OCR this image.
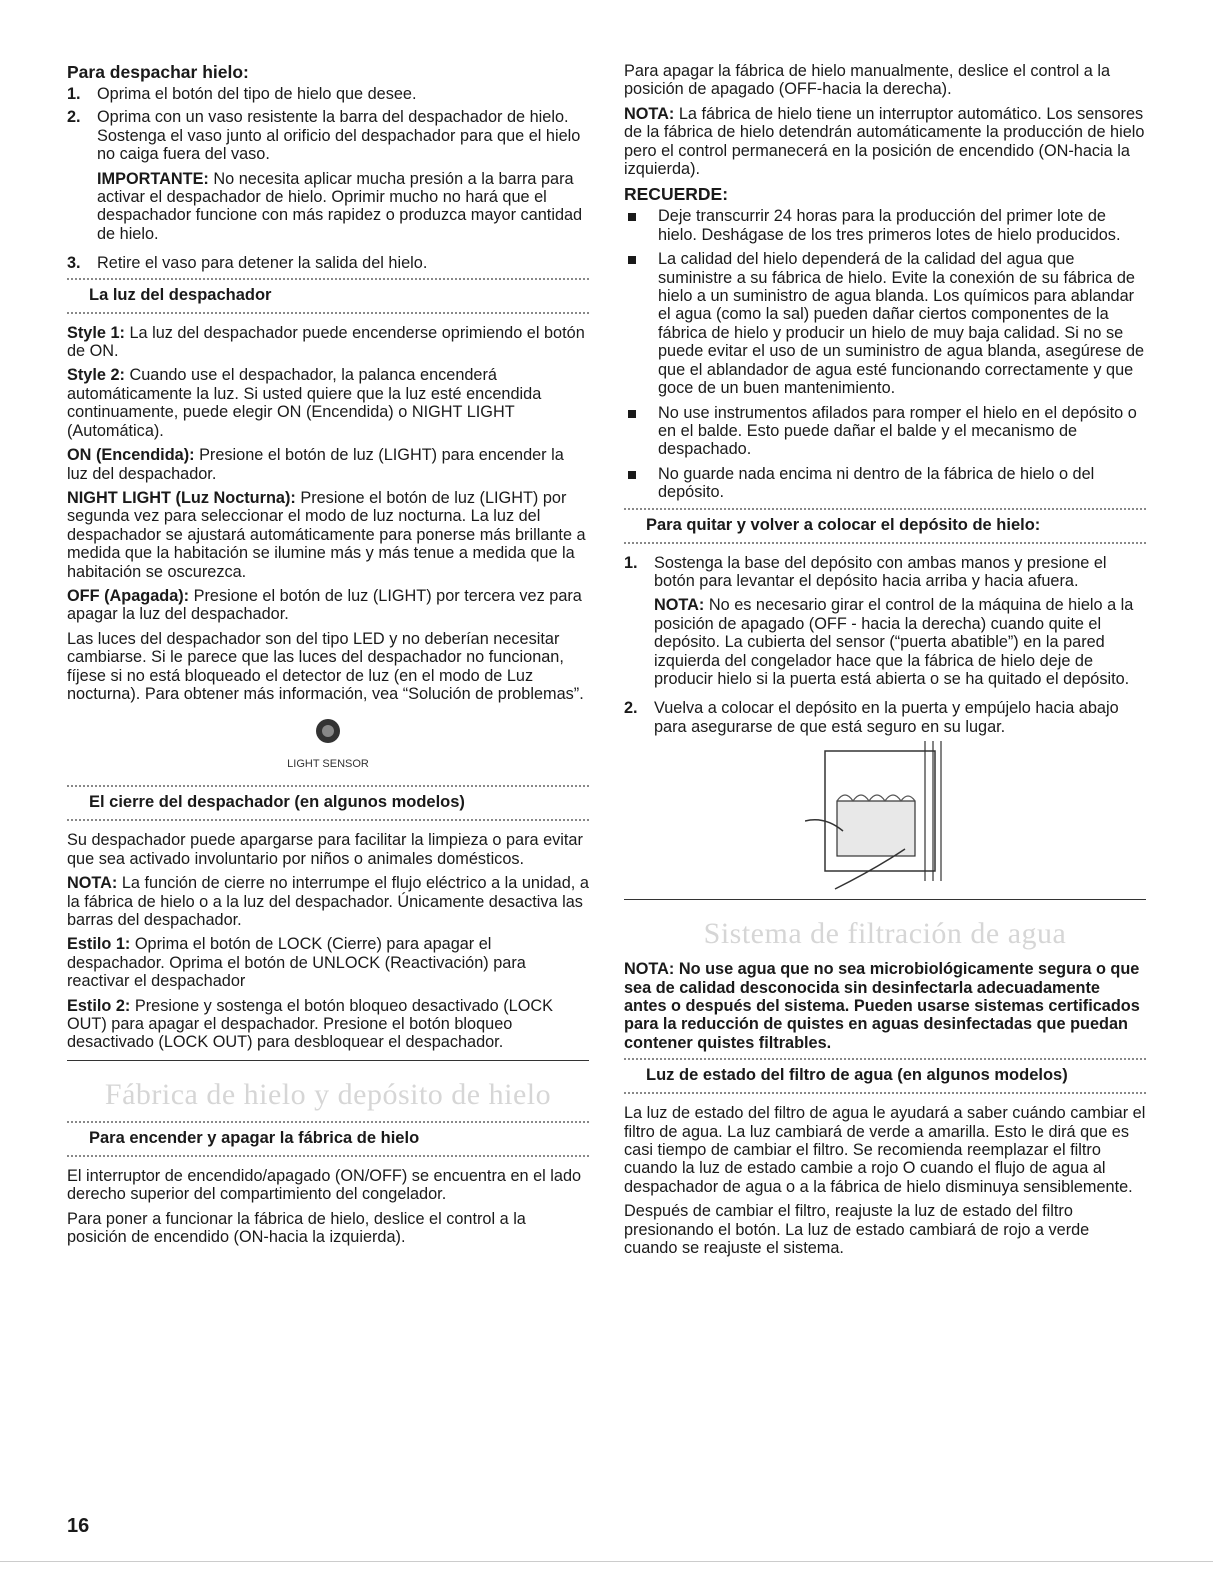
Para despachar hielo:
1.	Oprima el botón del tipo de hielo que desee.
2.	Oprima con un vaso resistente la barra del despachador de hielo. Sostenga el vaso junto al orificio del despachador para que el hielo no caiga fuera del vaso.

IMPORTANTE: No necesita aplicar mucha presión a la barra para activar el despachador de hielo. Oprimir mucho no hará que el despachador funcione con más rapidez o produzca mayor cantidad de hielo.

3.	Retire el vaso para detener la salida del hielo.
La luz del despachador

Style 1: La luz del despachador puede encenderse oprimiendo el botón de ON.

Style 2: Cuando use el despachador, la palanca encenderá automáticamente la luz. Si usted quiere que la luz esté encendida continuamente, puede elegir ON (Encendida) o NIGHT LIGHT (Automática).

ON (Encendida): Presione el botón de luz (LIGHT) para encender la luz del despachador.

NIGHT LIGHT (Luz Nocturna): Presione el botón de luz (LIGHT) por segunda vez para seleccionar el modo de luz nocturna. La luz del despachador se ajustará automáticamente para ponerse más brillante a medida que la habitación se ilumine más y más tenue a medida que la habitación se oscurezca.

OFF (Apagada): Presione el botón de luz (LIGHT) por tercera vez para apagar la luz del despachador.

Las luces del despachador son del tipo LED y no deberían necesitar cambiarse. Si le parece que las luces del despachador no funcionan, fíjese si no está bloqueado el detector de luz (en el modo de Luz nocturna). Para obtener más información, vea “Solución de problemas”.

LIGHT SENSOR
El cierre del despachador (en algunos modelos)

Su despachador puede apargarse para facilitar la limpieza o para evitar que sea activado involuntario por niños o animales domésticos.

NOTA: La función de cierre no interrumpe el flujo eléctrico a la unidad, a la fábrica de hielo o a la luz del despachador. Únicamente desactiva las barras del despachador.

Estilo 1: Oprima el botón de LOCK (Cierre) para apagar el despachador. Oprima el botón de UNLOCK (Reactivación) para reactivar el despachador

Estilo 2: Presione y sostenga el botón bloqueo desactivado (LOCK OUT) para apagar el despachador. Presione el botón bloqueo desactivado (LOCK OUT) para desbloquear el despachador.

Fábrica de hielo y depósito de hielo
Para encender y apagar la fábrica de hielo

El interruptor de encendido/apagado (ON/OFF) se encuentra en el lado derecho superior del compartimiento del congelador.

Para poner a funcionar la fábrica de hielo, deslice el control a la posición de encendido (ON-hacia la izquierda).

Para apagar la fábrica de hielo manualmente, deslice el control a la posición de apagado (OFF-hacia la derecha).

NOTA: La fábrica de hielo tiene un interruptor automático. Los sensores de la fábrica de hielo detendrán automáticamente la producción de hielo pero el control permanecerá en la posición de encendido (ON-hacia la izquierda).

RECUERDE:
Deje transcurrir 24 horas para la producción del primer lote de hielo. Deshágase de los tres primeros lotes de hielo producidos.
La calidad del hielo dependerá de la calidad del agua que suministre a su fábrica de hielo. Evite la conexión de su fábrica de hielo a un suministro de agua blanda. Los químicos para ablandar el agua (como la sal) pueden dañar ciertos componentes de la fábrica de hielo y producir un hielo de muy baja calidad. Si no se puede evitar el uso de un suministro de agua blanda, asegúrese de que el ablandador de agua esté funcionando correctamente y que goce de un buen mantenimiento.
No use instrumentos afilados para romper el hielo en el depósito o en el balde. Esto puede dañar el balde y el mecanismo de despachado.
No guarde nada encima ni dentro de la fábrica de hielo o del depósito.
Para quitar y volver a colocar el depósito de hielo:
1.	Sostenga la base del depósito con ambas manos y presione el botón para levantar el depósito hacia arriba y hacia afuera.

NOTA: No es necesario girar el control de la máquina de hielo a la posición de apagado (OFF - hacia la derecha) cuando quite el depósito. La cubierta del sensor (“puerta abatible”) en la pared izquierda del congelador hace que la fábrica de hielo deje de producir hielo si la puerta está abierta o se ha quitado el depósito.

2.	Vuelva a colocar el depósito en la puerta y empújelo hacia abajo para asegurarse de que está seguro en su lugar.
Sistema de filtración de agua

NOTA: No use agua que no sea microbiológicamente segura o que sea de calidad desconocida sin desinfectarla adecuadamente antes o después del sistema. Pueden usarse sistemas certificados para la reducción de quistes en aguas desinfectadas que puedan contener quistes filtrables.

Luz de estado del filtro de agua (en algunos modelos)

La luz de estado del filtro de agua le ayudará a saber cuándo cambiar el filtro de agua. La luz cambiará de verde a amarilla. Esto le dirá que es casi tiempo de cambiar el filtro. Se recomienda reemplazar el filtro cuando la luz de estado cambie a rojo O cuando el flujo de agua al despachador de agua o a la fábrica de hielo disminuya sensiblemente.

Después de cambiar el filtro, reajuste la luz de estado del filtro presionando el botón. La luz de estado cambiará de rojo a verde cuando se reajuste el sistema.

16
